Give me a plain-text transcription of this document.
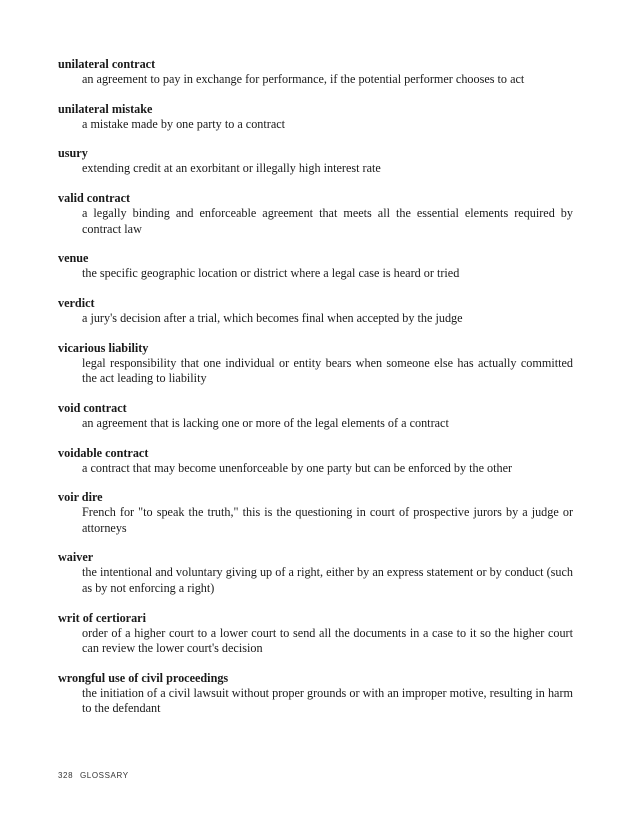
unilateral contract

an agreement to pay in exchange for performance, if the potential performer chooses to act

unilateral mistake

a mistake made by one party to a contract

usury

extending credit at an exorbitant or illegally high interest rate

valid contract

a legally binding and enforceable agreement that meets all the essential elements required by contract law

venue

the specific geographic location or district where a legal case is heard or tried

verdict

a jury's decision after a trial, which becomes final when accepted by the judge

vicarious liability

legal responsibility that one individual or entity bears when someone else has actually committed the act leading to liability

void contract

an agreement that is lacking one or more of the legal elements of a contract

voidable contract

a contract that may become unenforceable by one party but can be enforced by the other

voir dire

French for "to speak the truth," this is the questioning in court of prospective jurors by a judge or attorneys

waiver

the intentional and voluntary giving up of a right, either by an express statement or by conduct (such as by not enforcing a right)

writ of certiorari

order of a higher court to a lower court to send all the documents in a case to it so the higher court can review the lower court's decision

wrongful use of civil proceedings

the initiation of a civil lawsuit without proper grounds or with an improper motive, resulting in harm to the defendant

328 GLOSSARY
